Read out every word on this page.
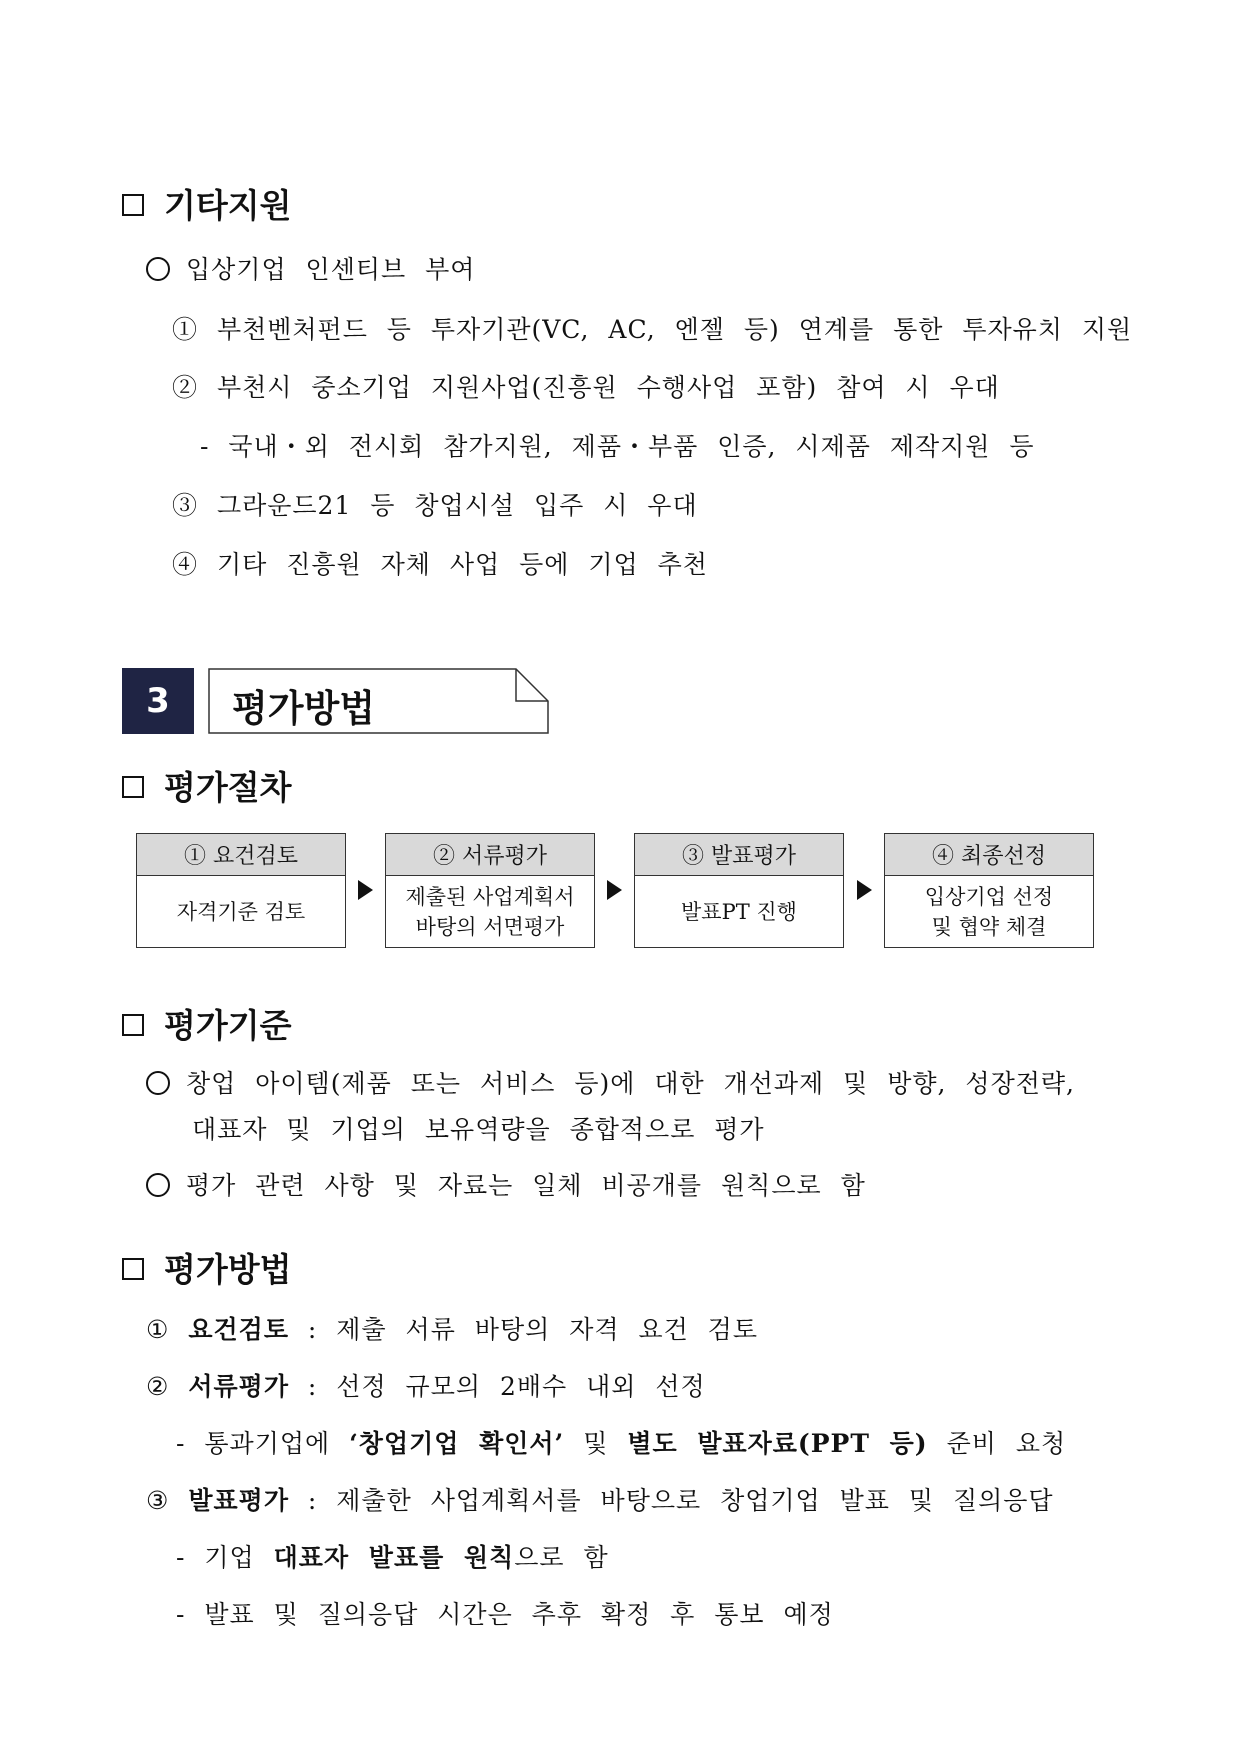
기타지원
입상기업 인센티브 부여
① 부천벤처펀드 등 투자기관(VC, AC, 엔젤 등) 연계를 통한 투자유치 지원
② 부천시 중소기업 지원사업(진흥원 수행사업 포함) 참여 시 우대
- 국내・외 전시회 참가지원, 제품・부품 인증, 시제품 제작지원 등
③ 그라운드21 등 창업시설 입주 시 우대
④ 기타 진흥원 자체 사업 등에 기업 추천
3	평가방법
평가절차
① 요건검토
자격기준 검토
② 서류평가
제출된 사업계획서
바탕의 서면평가
③ 발표평가
발표PT 진행
④ 최종선정
입상기업 선정
및 협약 체결
평가기준
창업 아이템(제품 또는 서비스 등)에 대한 개선과제 및 방향, 성장전략,
대표자 및 기업의 보유역량을 종합적으로 평가
평가 관련 사항 및 자료는 일체 비공개를 원칙으로 함
평가방법
① 요건검토 : 제출 서류 바탕의 자격 요건 검토
② 서류평가 : 선정 규모의 2배수 내외 선정
- 통과기업에 ‘창업기업 확인서’ 및 별도 발표자료(PPT 등) 준비 요청
③ 발표평가 : 제출한 사업계획서를 바탕으로 창업기업 발표 및 질의응답
- 기업 대표자 발표를 원칙으로 함
- 발표 및 질의응답 시간은 추후 확정 후 통보 예정
